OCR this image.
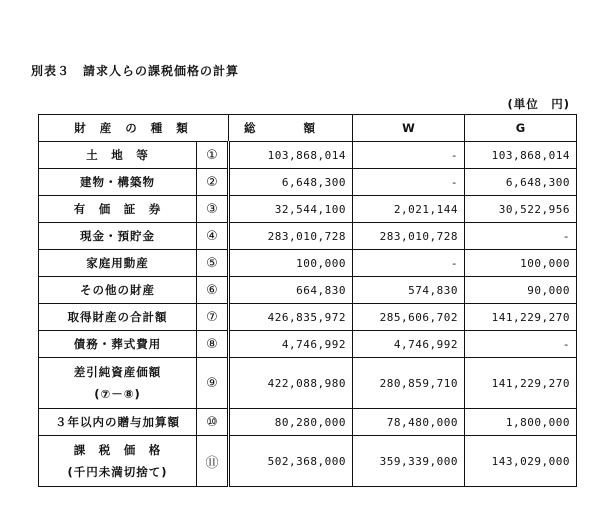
別表３　請求人らの課税価格の計算
(単位　円)
財 産 の 種 類		総 額	W	G
土　地　等	①	103,868,014	-	103,868,014
建物・構築物	②	6,648,300	-	6,648,300
有　価　証　券	③	32,544,100	2,021,144	30,522,956
現金・預貯金	④	283,010,728	283,010,728	-
家庭用動産	⑤	100,000	-	100,000
その他の財産	⑥	664,830	574,830	90,000
取得財産の合計額	⑦	426,835,972	285,606,702	141,229,270
債務・葬式費用	⑧	4,746,992	4,746,992	-
差引純資産価額
(⑦－⑧)	⑨	422,088,980	280,859,710	141,229,270
３年以内の贈与加算額	⑩	80,280,000	78,480,000	1,800,000
課　税　価　格
(千円未満切捨て)	⑪	502,368,000	359,339,000	143,029,000
